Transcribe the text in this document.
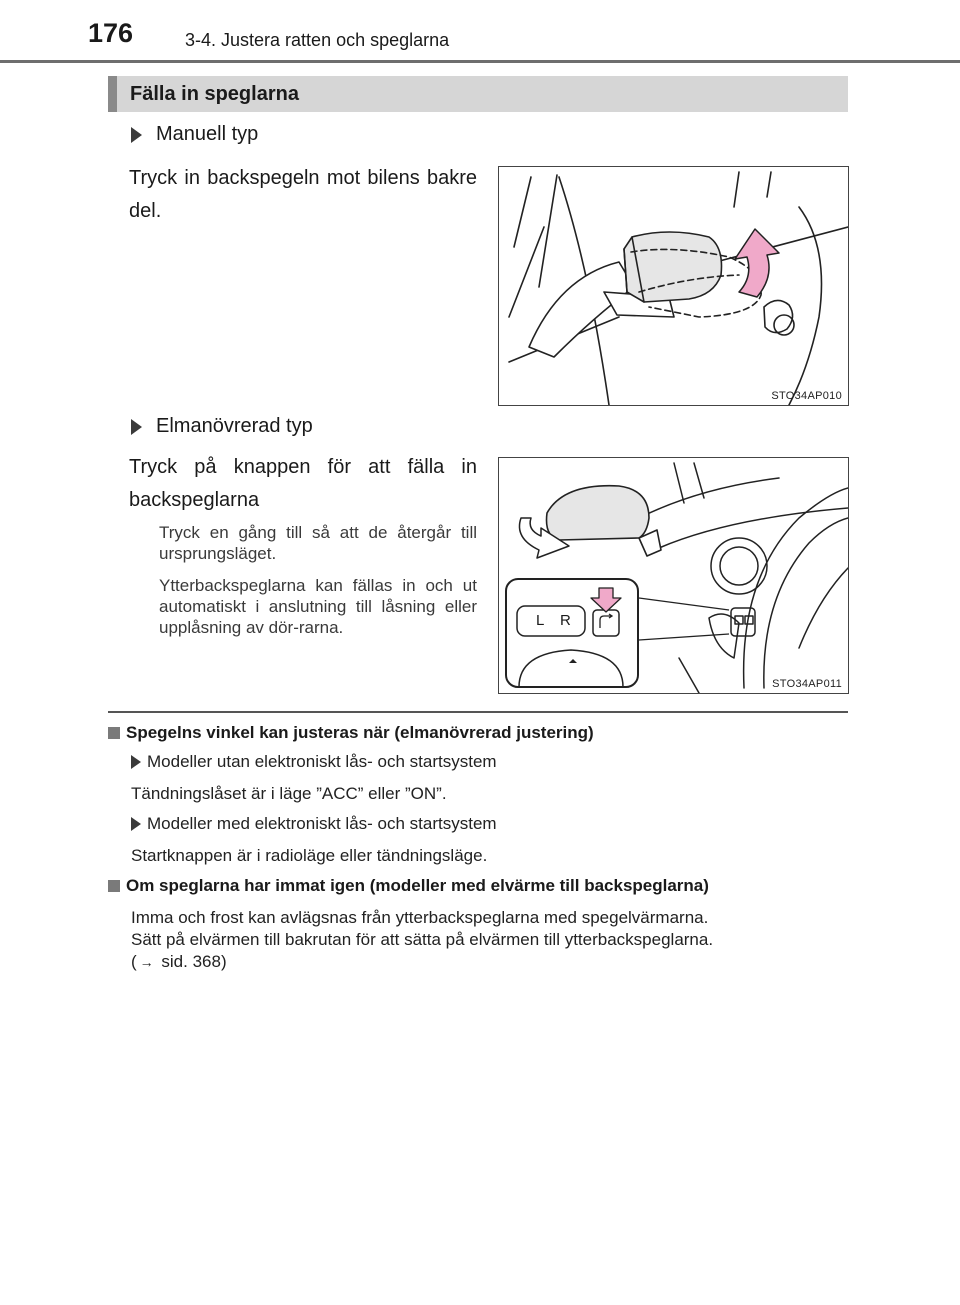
176	3-4. Justera ratten och speglarna
Fälla in speglarna
Manuell typ
Tryck in backspegeln mot bilens bakre del.
STO34AP010
Elmanövrerad typ
Tryck på knappen för att fälla in backspeglarna
Tryck en gång till så att de återgår till ursprungsläget.
Ytterbackspeglarna kan fällas in och ut automatiskt i anslutning till låsning eller upplåsning av dör-rarna.	L R
STO34AP011
Spegelns vinkel kan justeras när (elmanövrerad justering)
Modeller utan elektroniskt lås- och startsystem
Tändningslåset är i läge ”ACC” eller ”ON”.
Modeller med elektroniskt lås- och startsystem
Startknappen är i radioläge eller tändningsläge.
Om speglarna har immat igen (modeller med elvärme till backspeglarna)
Imma och frost kan avlägsnas från ytterbackspeglarna med spegelvärmarna.
Sätt på elvärmen till bakrutan för att sätta på elvärmen till ytterbackspeglarna.
( → sid. 368)
